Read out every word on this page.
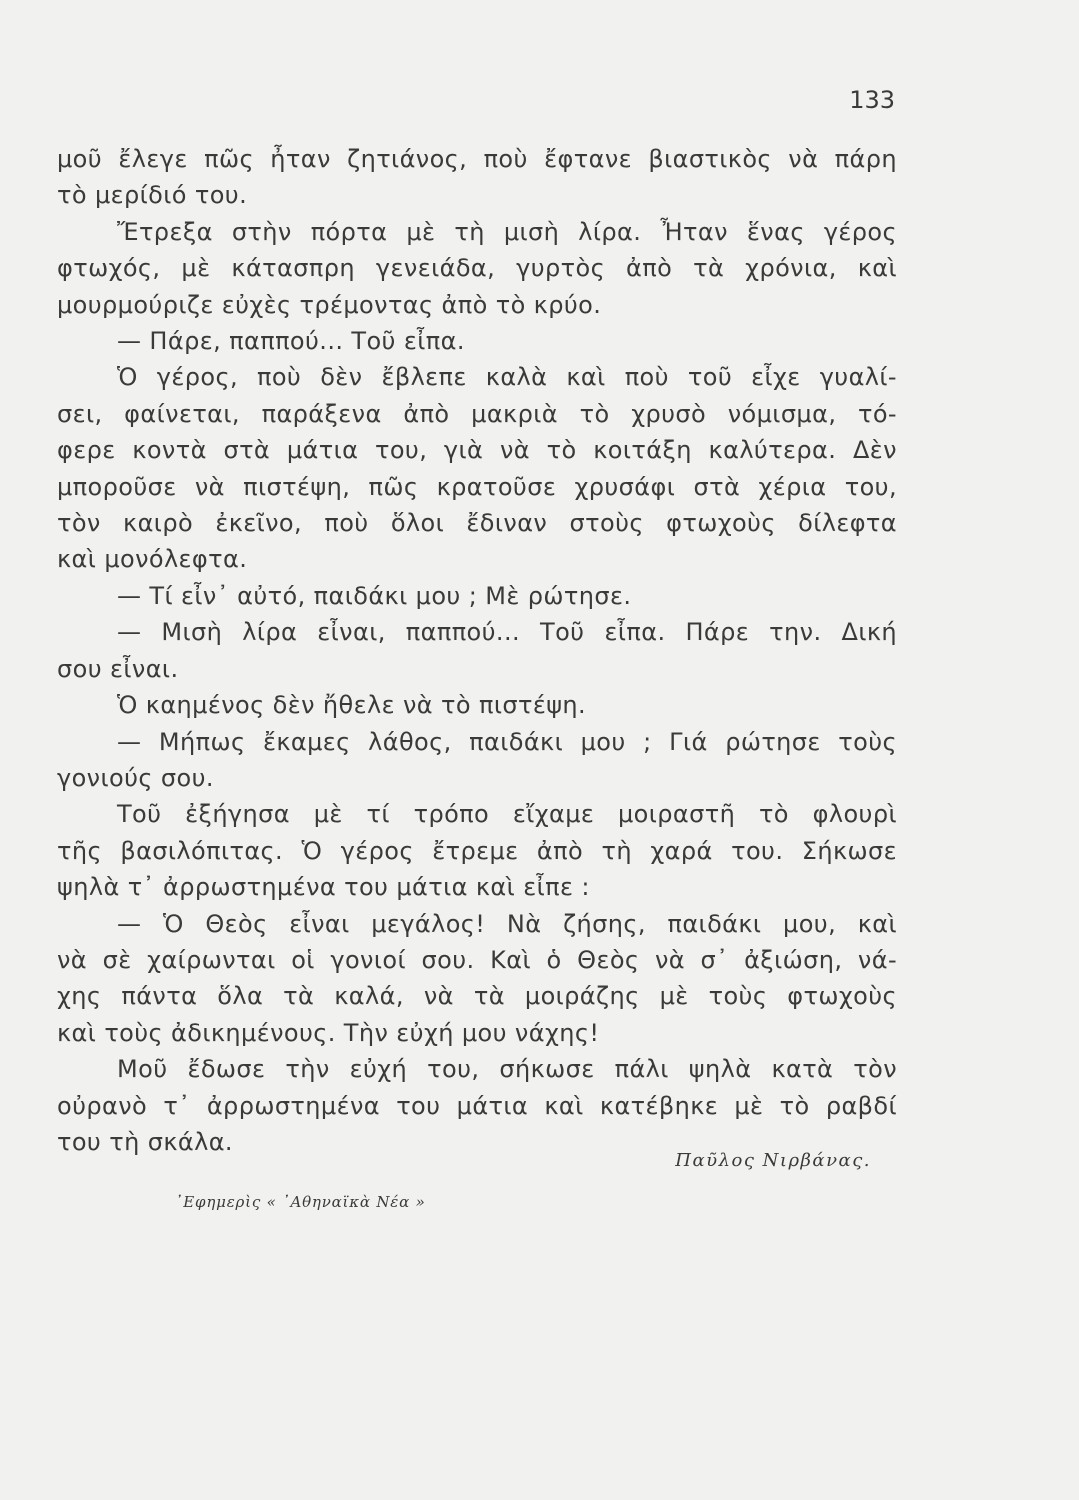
133
μοῦ ἔλεγε πῶς ἦταν ζητιάνος, ποὺ ἔφτανε βιαστικὸς νὰ πάρη
τὸ μερίδιό του.
Ἔτρεξα στὴν πόρτα μὲ τὴ μισὴ λίρα. Ἦταν ἕνας γέρος
φτωχός, μὲ κάτασπρη γενειάδα, γυρτὸς ἀπὸ τὰ χρόνια, καὶ
μουρμούριζε εὐχὲς τρέμοντας ἀπὸ τὸ κρύο.
— Πάρε, παππού... Τοῦ εἶπα.
Ὁ γέρος, ποὺ δὲν ἔβλεπε καλὰ καὶ ποὺ τοῦ εἶχε γυαλί-
σει, φαίνεται, παράξενα ἀπὸ μακριὰ τὸ χρυσὸ νόμισμα, τό-
φερε κοντὰ στὰ μάτια του, γιὰ νὰ τὸ κοιτάξη καλύτερα. Δὲν
μποροῦσε νὰ πιστέψη, πῶς κρατοῦσε χρυσάφι στὰ χέρια του,
τὸν καιρὸ ἐκεῖνο, ποὺ ὅλοι ἔδιναν στοὺς φτωχοὺς δίλεφτα
καὶ μονόλεφτα.
— Τί εἶν᾿ αὐτό, παιδάκι μου ; Μὲ ρώτησε.
— Μισὴ λίρα εἶναι, παππού... Τοῦ εἶπα. Πάρε την. Δική
σου εἶναι.
Ὁ καημένος δὲν ἤθελε νὰ τὸ πιστέψη.
— Μήπως ἔκαμες λάθος, παιδάκι μου ; Γιά ρώτησε τοὺς
γονιούς σου.
Τοῦ ἐξήγησα μὲ τί τρόπο εἴχαμε μοιραστῆ τὸ φλουρὶ
τῆς βασιλόπιτας. Ὁ γέρος ἔτρεμε ἀπὸ τὴ χαρά του. Σήκωσε
ψηλὰ τ᾿ ἀρρωστημένα του μάτια καὶ εἶπε :
— Ὁ Θεὸς εἶναι μεγάλος! Νὰ ζήσης, παιδάκι μου, καὶ
νὰ σὲ χαίρωνται οἱ γονιοί σου. Καὶ ὁ Θεὸς νὰ σ᾿ ἀξιώση, νά-
χης πάντα ὅλα τὰ καλά, νὰ τὰ μοιράζης μὲ τοὺς φτωχοὺς
καὶ τοὺς ἀδικημένους. Τὴν εὐχή μου νάχης!
Μοῦ ἔδωσε τὴν εὐχή του, σήκωσε πάλι ψηλὰ κατὰ τὸν
οὐρανὸ τ᾿ ἀρρωστημένα του μάτια καὶ κατέβηκε μὲ τὸ ραβδί
του τὴ σκάλα.
Παῦλος Νιρβάνας.
᾿Εφημερὶς « ᾿Αθηναϊκὰ Νέα »
